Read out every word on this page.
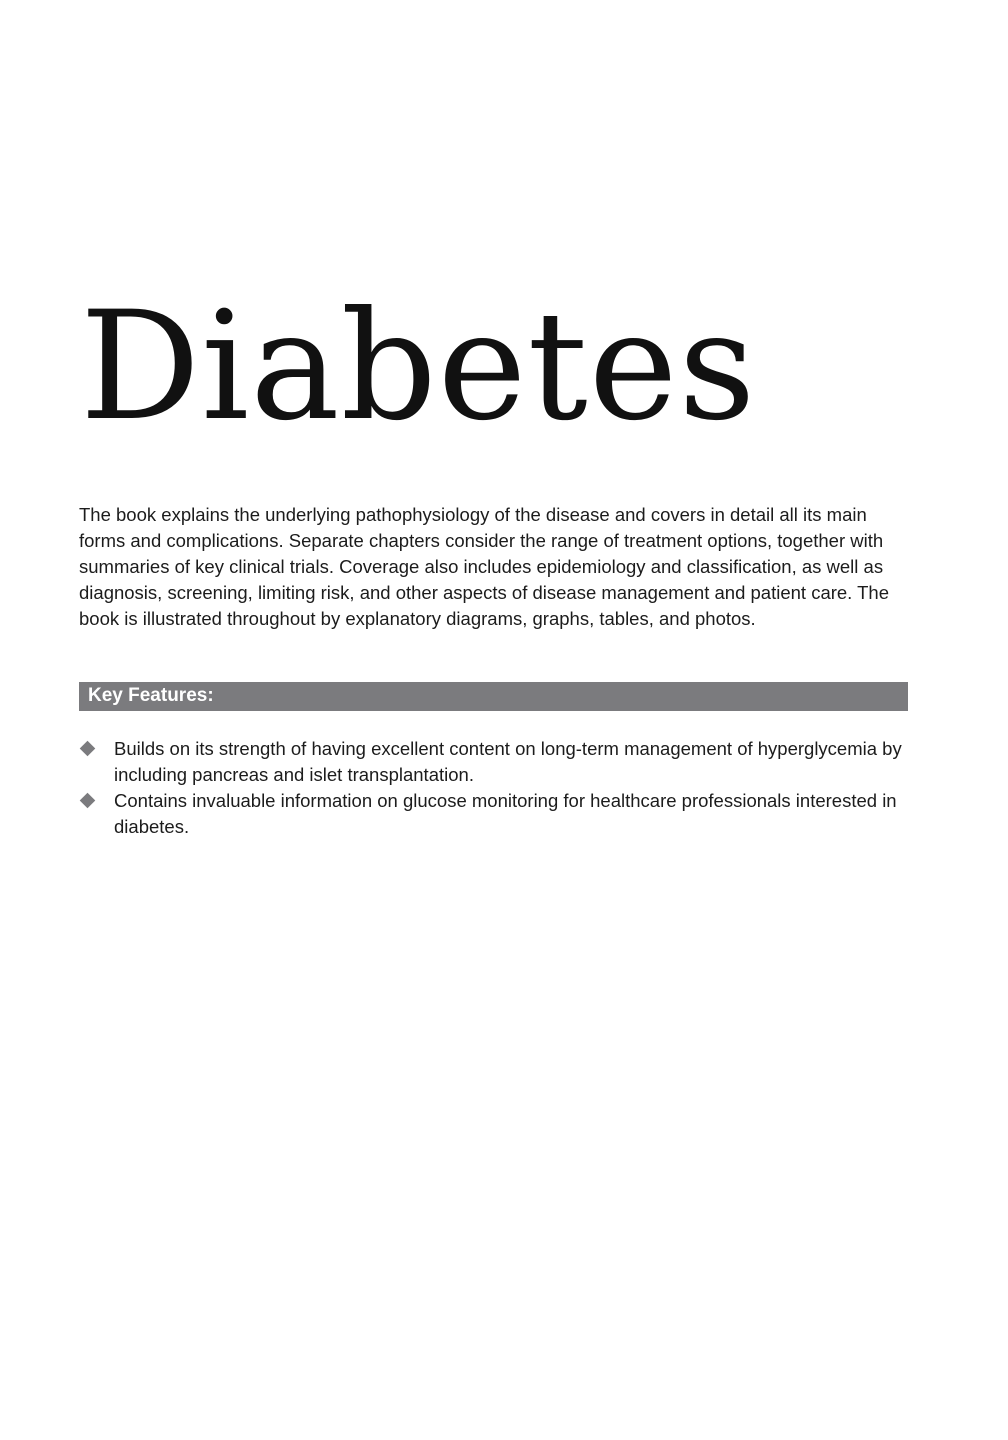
Diabetes

The book explains the underlying pathophysiology of the disease and covers in detail all its main forms and complications. Separate chapters consider the range of treatment options, together with summaries of key clinical trials. Coverage also includes epidemiology and classification, as well as diagnosis, screening, limiting risk, and other aspects of disease management and patient care. The book is illustrated throughout by explanatory diagrams, graphs, tables, and photos.

Key Features:
Builds on its strength of having excellent content on long-term management of hyperglycemia by including pancreas and islet transplantation.
Contains invaluable information on glucose monitoring for healthcare professionals interested in diabetes.
